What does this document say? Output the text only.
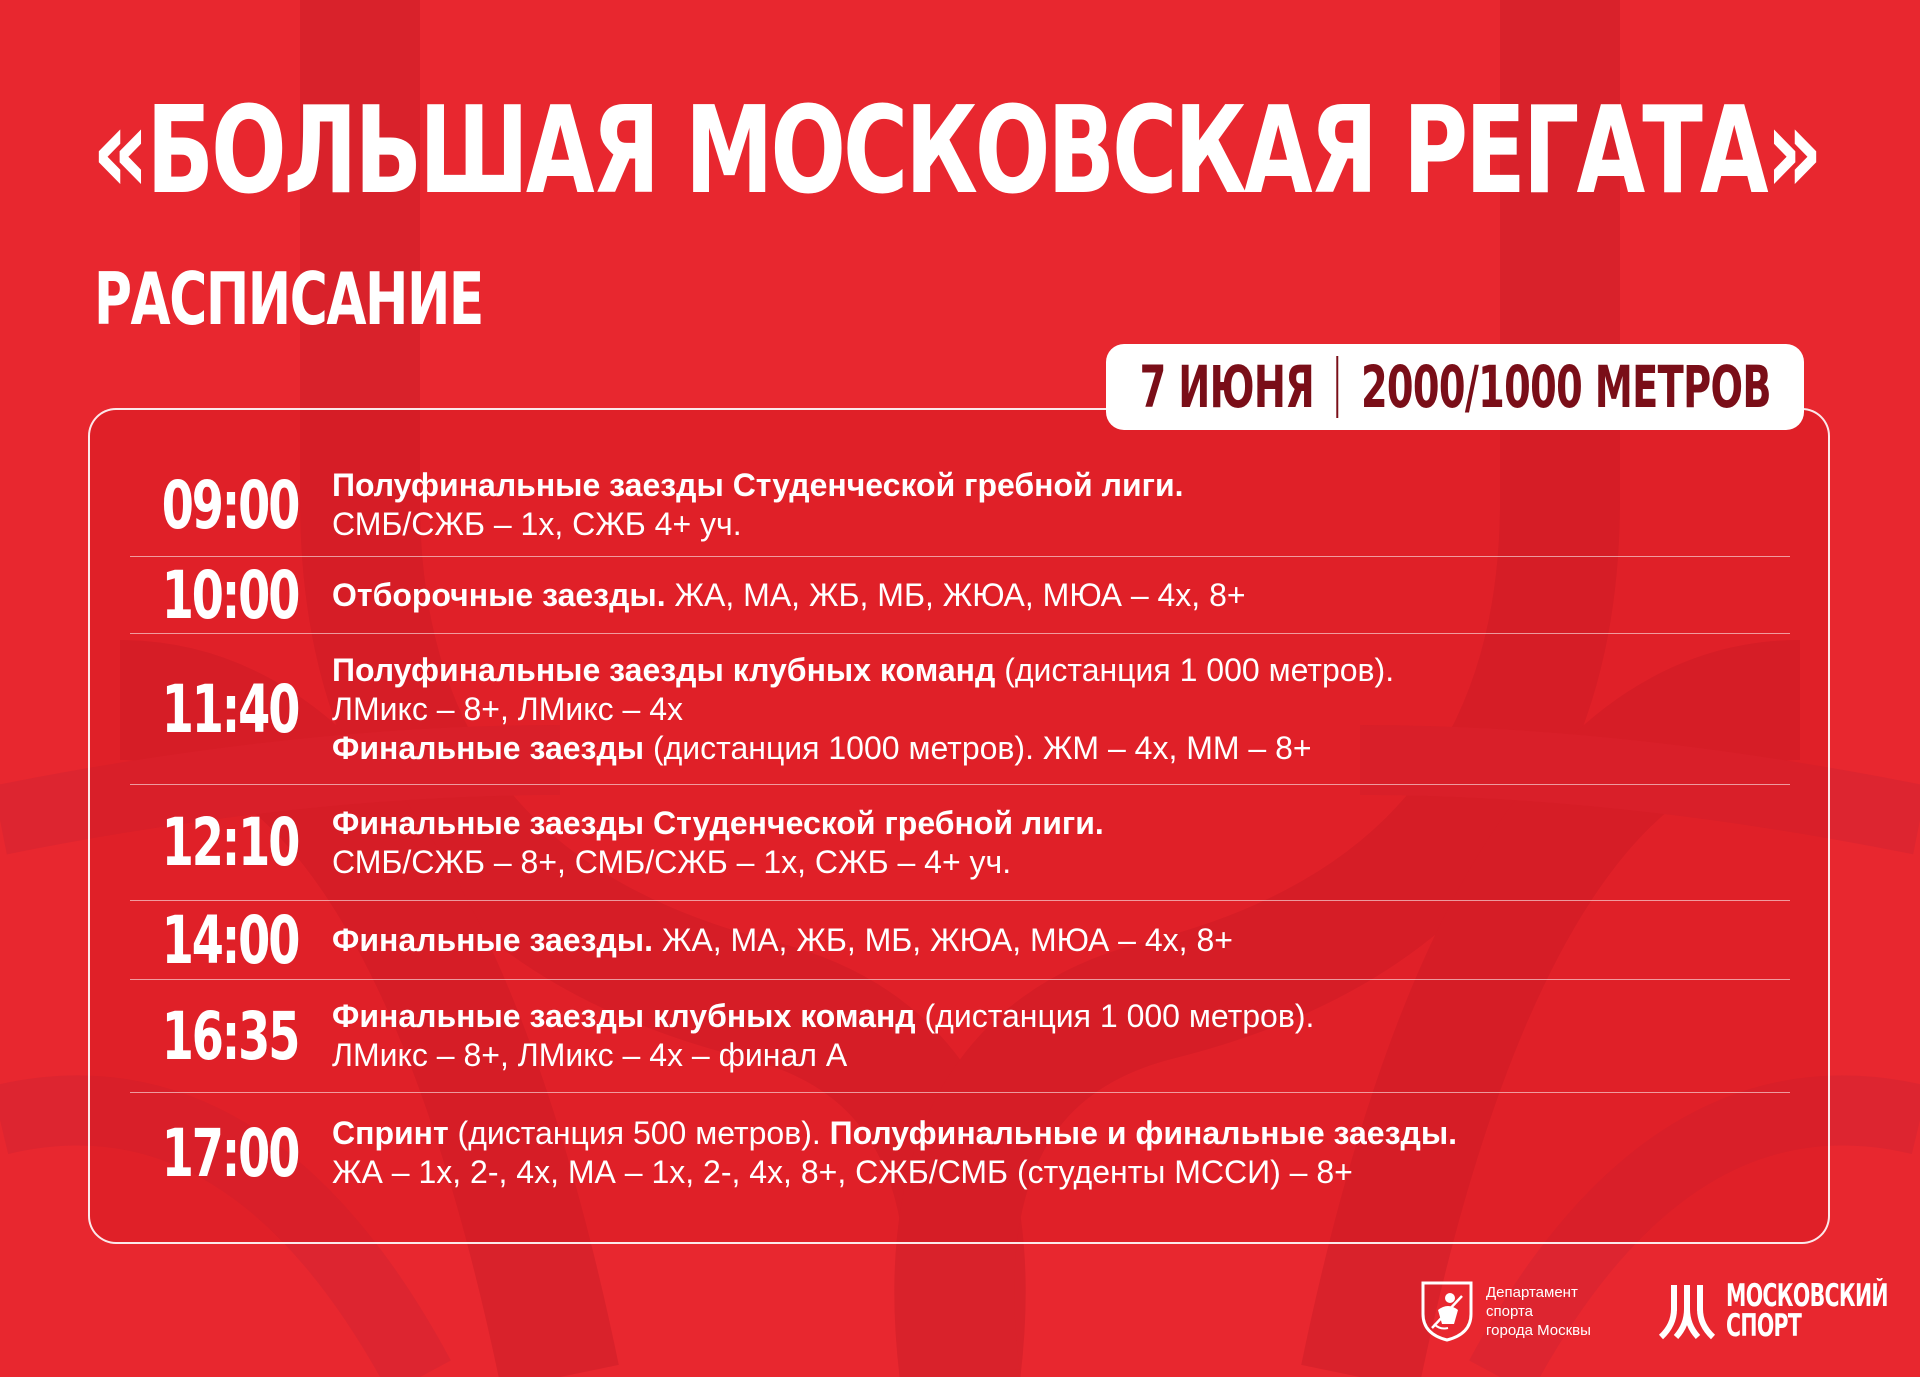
«БОЛЬШАЯ МОСКОВСКАЯ РЕГАТА»
РАСПИСАНИЕ
7 ИЮНЯ 2000/1000 МЕТРОВ
09:00 Полуфинальные заезды Студенческой гребной лиги.
СМБ/СЖБ – 1х, СЖБ 4+ уч.
10:00 Отборочные заезды. ЖА, МА, ЖБ, МБ, ЖЮА, МЮА – 4х, 8+
11:40
Полуфинальные заезды клубных команд (дистанция 1 000 метров).
ЛМикс – 8+, ЛМикс – 4х
Финальные заезды (дистанция 1000 метров). ЖМ – 4х, ММ – 8+
12:10 Финальные заезды Студенческой гребной лиги.
СМБ/СЖБ – 8+, СМБ/СЖБ – 1х, СЖБ – 4+ уч.
14:00 Финальные заезды. ЖА, МА, ЖБ, МБ, ЖЮА, МЮА – 4х, 8+
16:35 Финальные заезды клубных команд (дистанция 1 000 метров).
ЛМикс – 8+, ЛМикс – 4х – финал А
17:00 Спринт (дистанция 500 метров). Полуфинальные и финальные заезды.
ЖА – 1х, 2-, 4х, МА – 1х, 2-, 4х, 8+, СЖБ/СМБ (студенты МССИ) – 8+
Департамент
спорта
города Москвы
МОСКОВСКИЙ
СПОРТ
